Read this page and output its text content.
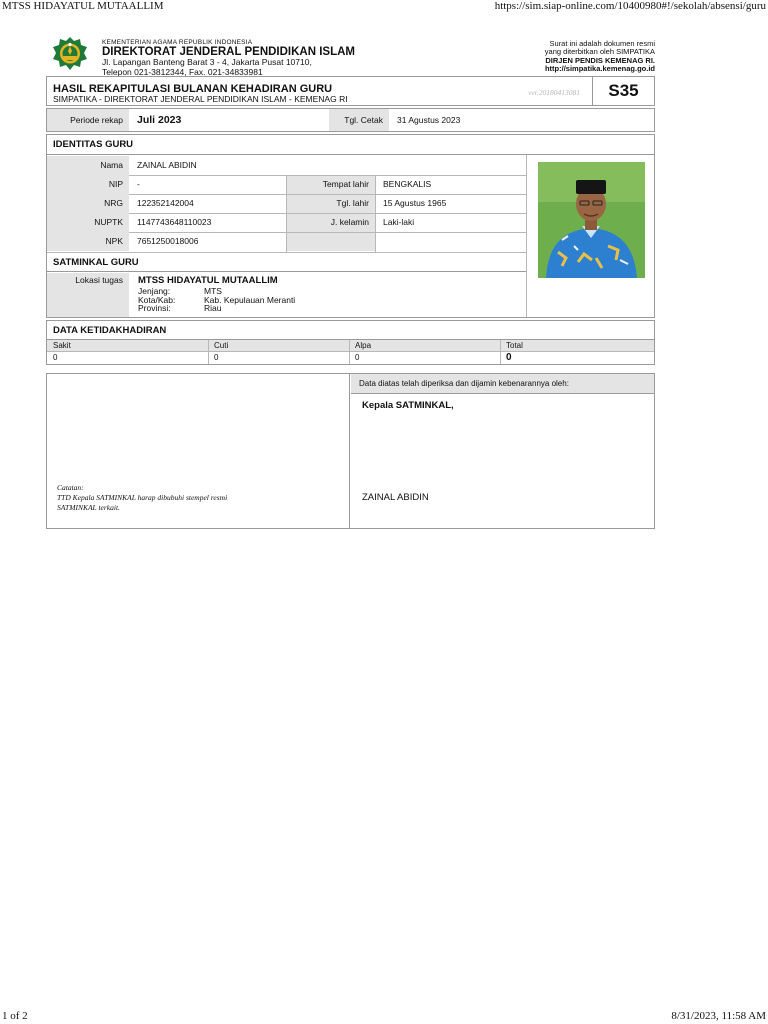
MTSS HIDAYATUL MUTAALLIM	https://sim.siap-online.com/10400980#!/sekolah/absensi/guru
KEMENTERIAN AGAMA REPUBLIK INDONESIA
DIREKTORAT JENDERAL PENDIDIKAN ISLAM
Jl. Lapangan Banteng Barat 3 - 4, Jakarta Pusat 10710,
Telepon 021-3812344, Fax. 021-34833981
Surat ini adalah dokumen resmi
yang diterbitkan oleh SIMPATIKA
DIRJEN PENDIS KEMENAG RI.
http://simpatika.kemenag.go.id
HASIL REKAPITULASI BULANAN KEHADIRAN GURU
SIMPATIKA - DIREKTORAT JENDERAL PENDIDIKAN ISLAM - KEMENAG RI
ver.20180413081	S35
Periode rekap	Juli 2023	Tgl. Cetak	31 Agustus 2023
IDENTITAS GURU
Nama	ZAINAL ABIDIN
NIP	-	Tempat lahir	BENGKALIS
NRG	122352142004	Tgl. lahir	15 Agustus 1965
NUPTK	1147743648110023	J. kelamin	Laki-laki
NPK	7651250018006
SATMINKAL GURU
Lokasi tugas	MTSS HIDAYATUL MUTAALLIM
Jenjang:	MTS
Kota/Kab:	Kab. Kepulauan Meranti
Provinsi:	Riau
DATA KETIDAKHADIRAN
Sakit	Cuti	Alpa	Total
0	0	0	0
Catatan:
TTD Kepala SATMINKAL harap dibubuhi stempel resmi
SATMINKAL terkait.
Data diatas telah diperiksa dan dijamin kebenarannya oleh:
Kepala SATMINKAL,
ZAINAL ABIDIN
1 of 2	8/31/2023, 11:58 AM
